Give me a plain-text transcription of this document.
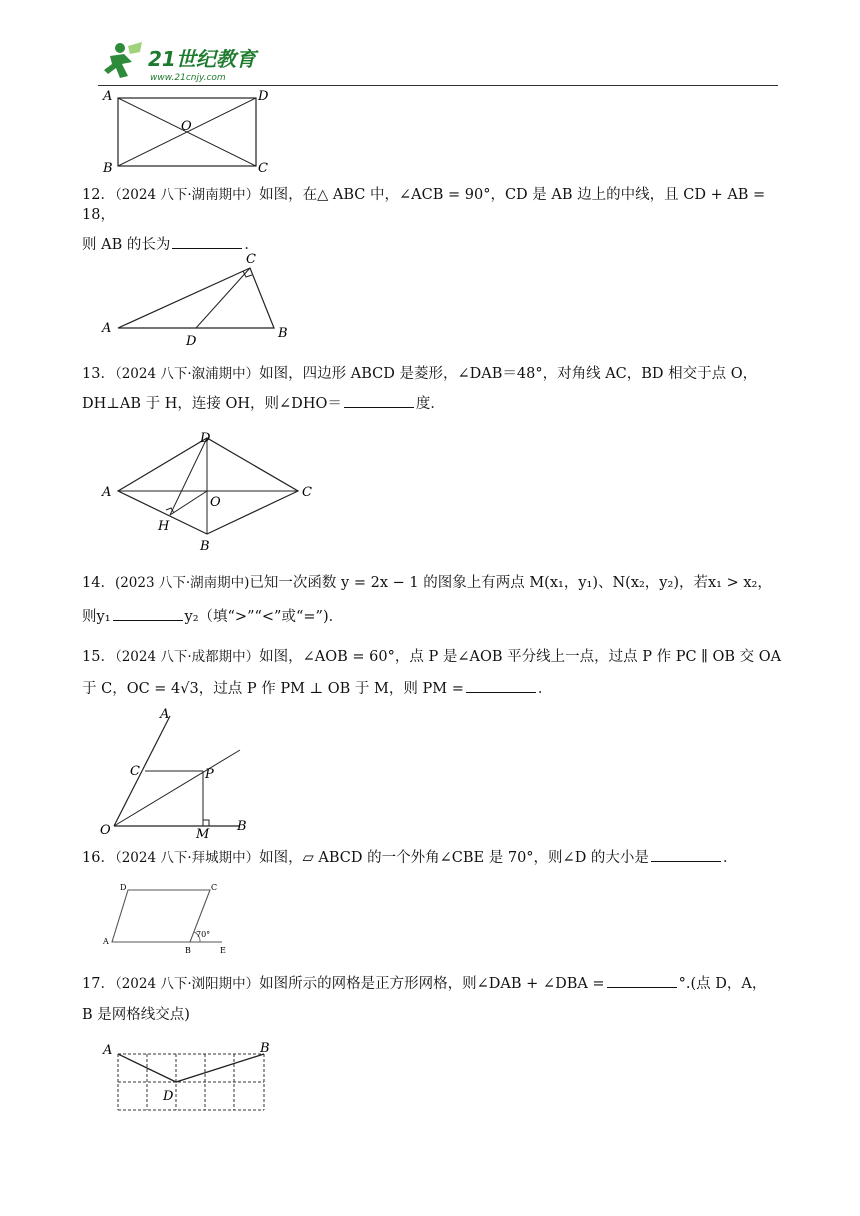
21世纪教育
www.21cnjy.com
A	D
O
B	C
12．（2024 八下·湖南期中）如图，在△ ABC 中，∠ACB = 90°，CD 是 AB 边上的中线，且 CD + AB = 18，
则 AB 的长为	．
C
A
D
B
13．（2024 八下·溆浦期中）如图，四边形 ABCD 是菱形，∠DAB＝48°，对角线 AC，BD 相交于点 O，
DH⊥AB 于 H，连接 OH，则∠DHO＝	度．
D
A
O
C
H
B
14．(2023 八下·湖南期中)已知一次函数 y = 2x − 1 的图象上有两点 M(x₁，y₁)、N(x₂，y₂)，若x₁ > x₂，
则y₁	y₂（填“>”“<”或“=”)．
15．（2024 八下·成都期中）如图，∠AOB = 60°，点 P 是∠AOB 平分线上一点，过点 P 作 PC ∥ OB 交 OA
于 C，OC = 4√3，过点 P 作 PM ⊥ OB 于 M，则 PM =	．
A
C	P
O	M
B
16．（2024 八下·拜城期中）如图，▱ ABCD 的一个外角∠CBE 是 70°，则∠D 的大小是	．
D	C
A
B	E
70°
17．（2024 八下·浏阳期中）如图所示的网格是正方形网格，则∠DAB + ∠DBA =	°.(点 D，A，
B 是网格线交点)
A	B
D
